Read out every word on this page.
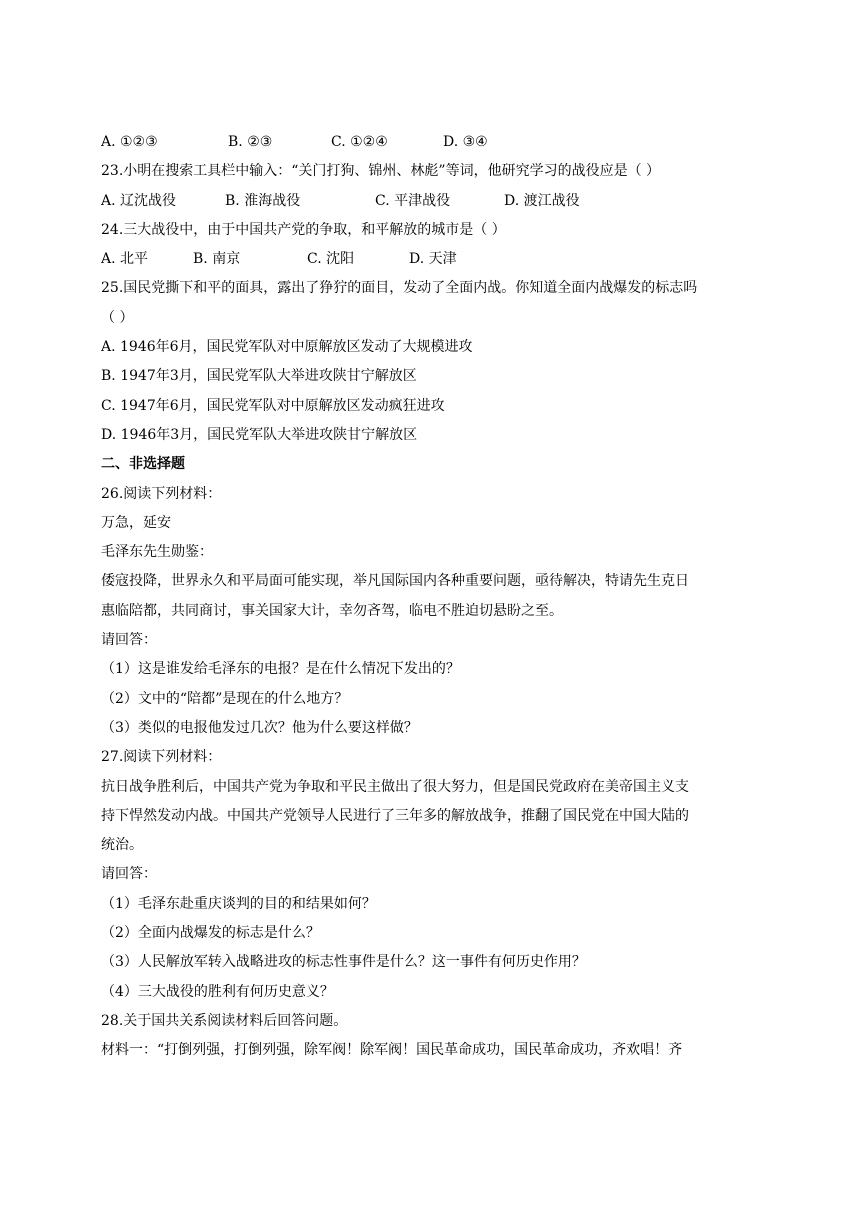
A. ①②③	B. ②③	C. ①②④	D. ③④
23.小明在搜索工具栏中输入：“关门打狗、锦州、林彪”等词，他研究学习的战役应是（ ）
A. 辽沈战役	B. 淮海战役	C. 平津战役	D. 渡江战役
24.三大战役中，由于中国共产党的争取，和平解放的城市是（ ）
A. 北平	B. 南京	C. 沈阳	D. 天津
25.国民党撕下和平的面具，露出了狰狞的面目，发动了全面内战。你知道全面内战爆发的标志吗
（ ）
A. 1946年6月，国民党军队对中原解放区发动了大规模进攻
B. 1947年3月，国民党军队大举进攻陕甘宁解放区
C. 1947年6月，国民党军队对中原解放区发动疯狂进攻
D. 1946年3月，国民党军队大举进攻陕甘宁解放区
二、非选择题
26.阅读下列材料：
万急，延安
毛泽东先生勋鉴：
倭寇投降，世界永久和平局面可能实现，举凡国际国内各种重要问题，亟待解决，特请先生克日
惠临陪都，共同商讨，事关国家大计，幸勿吝驾，临电不胜迫切悬盼之至。
请回答：
（1）这是谁发给毛泽东的电报？是在什么情况下发出的？
（2）文中的“陪都”是现在的什么地方？
（3）类似的电报他发过几次？他为什么要这样做？
27.阅读下列材料：
抗日战争胜利后，中国共产党为争取和平民主做出了很大努力，但是国民党政府在美帝国主义支
持下悍然发动内战。中国共产党领导人民进行了三年多的解放战争，推翻了国民党在中国大陆的
统治。
请回答：
（1）毛泽东赴重庆谈判的目的和结果如何？
（2）全面内战爆发的标志是什么？
（3）人民解放军转入战略进攻的标志性事件是什么？这一事件有何历史作用？
（4）三大战役的胜利有何历史意义？
28.关于国共关系阅读材料后回答问题。
材料一：“打倒列强，打倒列强，除军阀！除军阀！国民革命成功，国民革命成功，齐欢唱！齐
